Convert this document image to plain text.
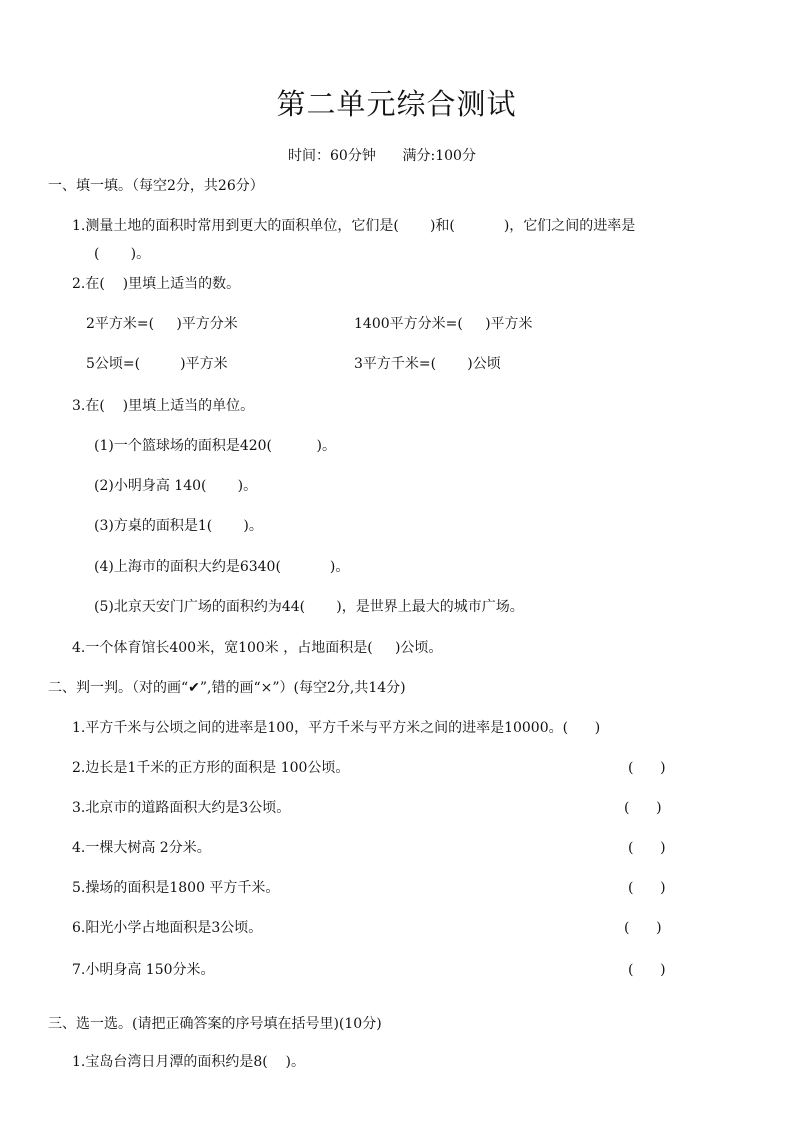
第二单元综合测试
时间：60分钟      满分:100分
一、填一填。（每空2分，共26分）
1.测量土地的面积时常用到更大的面积单位，它们是(       )和(           )，它们之间的进率是
(       )。
2.在(    )里填上适当的数。
2平方米=(     )平方分米	1400平方分米=(     )平方米
5公顷=(         )平方米	3平方千米=(       )公顷
3.在(    )里填上适当的单位。
(1)一个篮球场的面积是420(          )。
(2)小明身高 140(       )。
(3)方桌的面积是1(       )。
(4)上海市的面积大约是6340(           )。
(5)北京天安门广场的面积约为44(       )，是世界上最大的城市广场。
4.一个体育馆长400米，宽100米 ，占地面积是(     )公顷。
二、判一判。（对的画“✔”,错的画“×”）(每空2分,共14分)
1.平方千米与公顷之间的进率是100，平方千米与平方米之间的进率是10000。(      )
2.边长是1千米的正方形的面积是 100公顷。	(      )
3.北京市的道路面积大约是3公顷。	(      )
4.一棵大树高 2分米。	(      )
5.操场的面积是1800 平方千米。	(      )
6.阳光小学占地面积是3公顷。	(      )
7.小明身高 150分米。	(      )
三、选一选。(请把正确答案的序号填在括号里)(10分)
1.宝岛台湾日月潭的面积约是8(    )。
